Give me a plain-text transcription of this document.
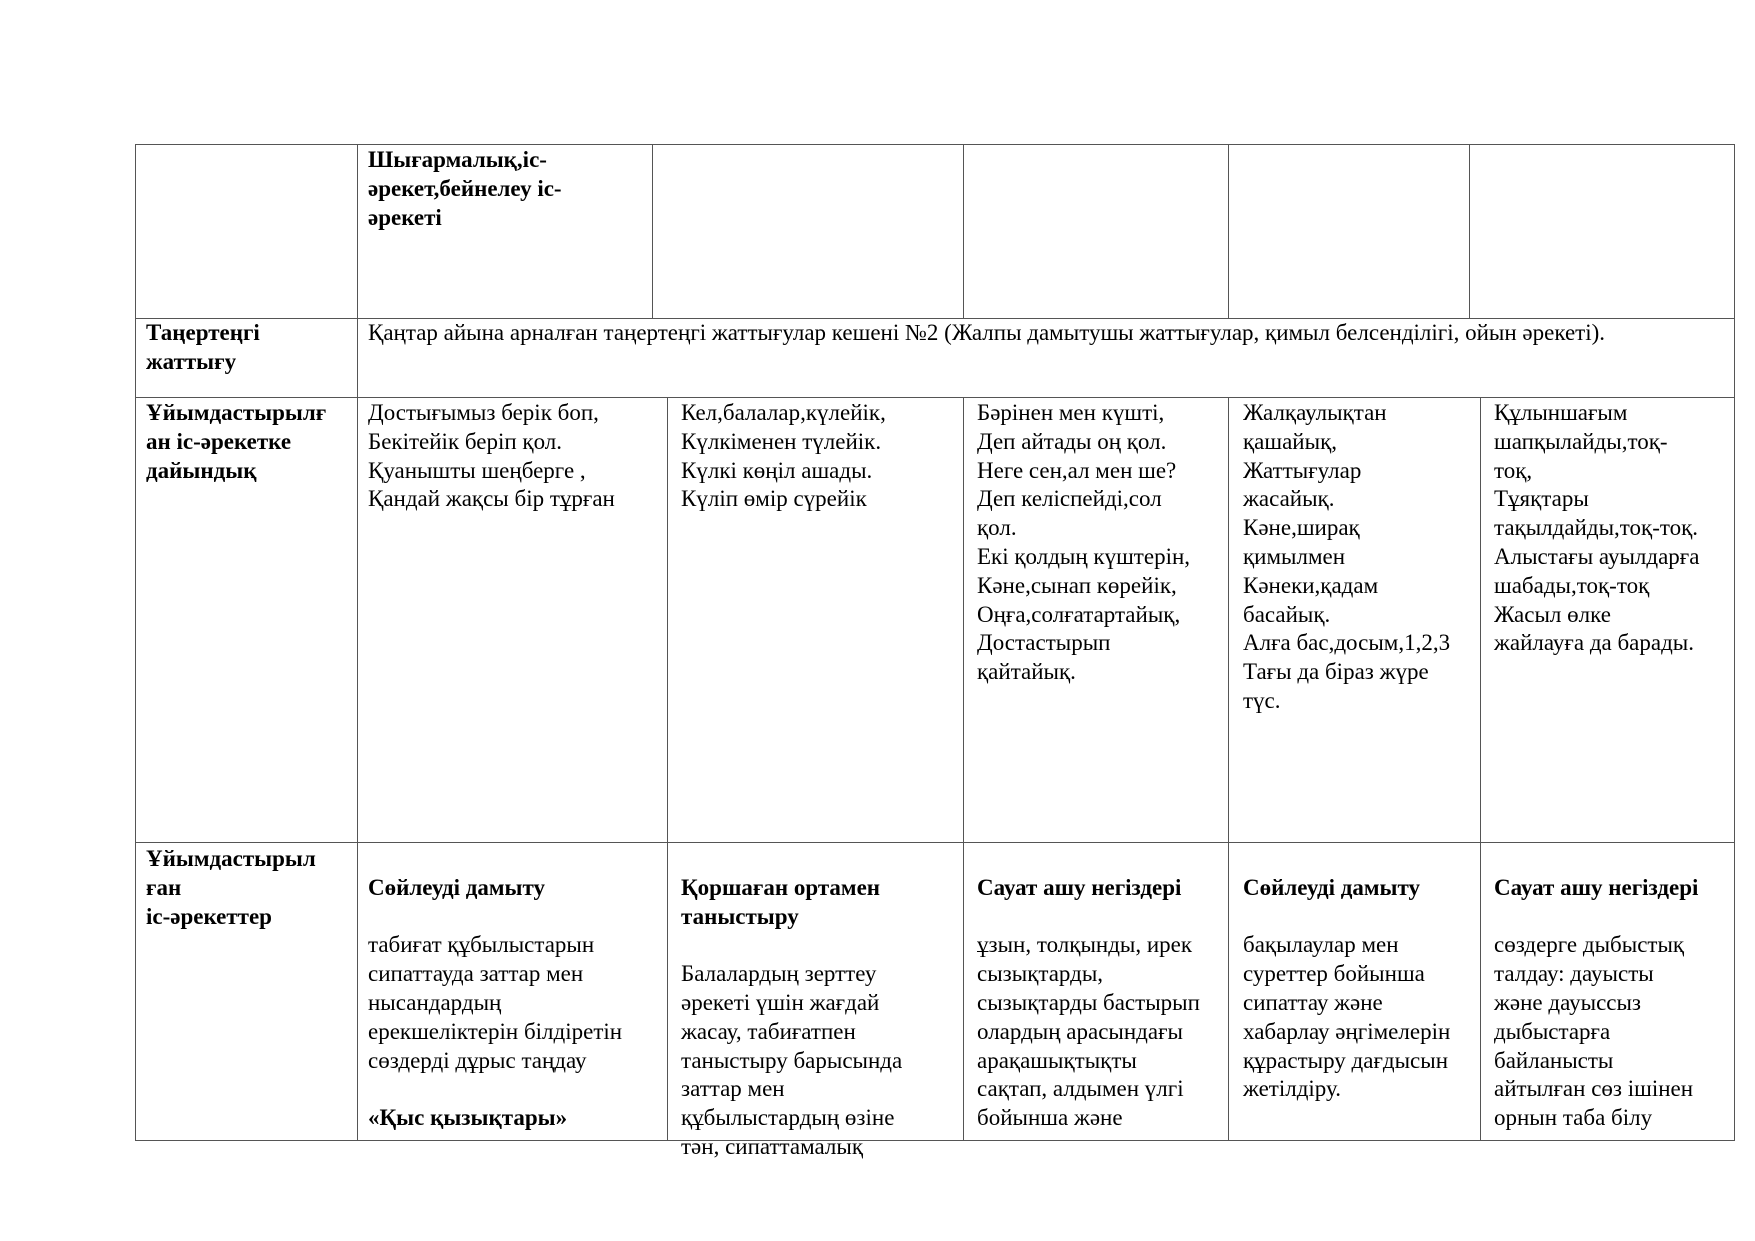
Шығармалық,іс-
әрекет,бейнелеу іс-
әрекеті
Таңертеңгі
жаттығу
Қаңтар айына арналған таңертеңгі жаттығулар кешені №2 (Жалпы дамытушы жаттығулар, қимыл белсенділігі, ойын әрекеті).
Ұйымдастырылғ
ан іс-әрекетке
дайындық
Достығымыз берік боп,
Бекітейік беріп қол.
Қуанышты шеңберге ,
Қандай жақсы бір тұрған
Кел,балалар,күлейік,
Күлкіменен түлейік.
Күлкі көңіл ашады.
Күліп өмір сүрейік
Бәрінен мен күшті,
Деп айтады оң қол.
Неге сен,ал мен ше?
Деп келіспейді,сол
қол.
Екі қолдың күштерін,
Кәне,сынап көрейік,
Оңға,солғатартайық,
Достастырып
қайтайық.
Жалқаулықтан
қашайық,
Жаттығулар
жасайық.
Кәне,ширақ
қимылмен
Кәнеки,қадам
басайық.
Алға бас,досым,1,2,3
Тағы да біраз жүре
түс.
Құлыншағым
шапқылайды,тоқ-
тоқ,
Тұяқтары
тақылдайды,тоқ-тоқ.
Алыстағы ауылдарға
шабады,тоқ-тоқ
Жасыл өлке
жайлауға да барады.
Ұйымдастырыл
ған
іс-әрекеттер

Сөйлеуді дамыту

табиғат құбылыстарын
сипаттауда заттар мен
нысандардың
ерекшеліктерін білдіретін
сөздерді дұрыс таңдау

«Қыс қызықтары»

Қоршаған ортамен
таныстыру

Балалардың зерттеу
әрекеті үшін жағдай
жасау, табиғатпен
таныстыру барысында
заттар мен
құбылыстардың өзіне
тән, сипаттамалық

Сауат ашу негіздері

ұзын, толқынды, ирек
сызықтарды,
сызықтарды бастырып
олардың арасындағы
арақашықтықты
сақтап, алдымен үлгі
бойынша және

Сөйлеуді дамыту

бақылаулар мен
суреттер бойынша
сипаттау және
хабарлау әңгімелерін
құрастыру дағдысын
жетілдіру.

Сауат ашу негіздері

сөздерге дыбыстық
талдау: дауысты
және дауыссыз
дыбыстарға
байланысты
айтылған сөз ішінен
орнын таба білу
